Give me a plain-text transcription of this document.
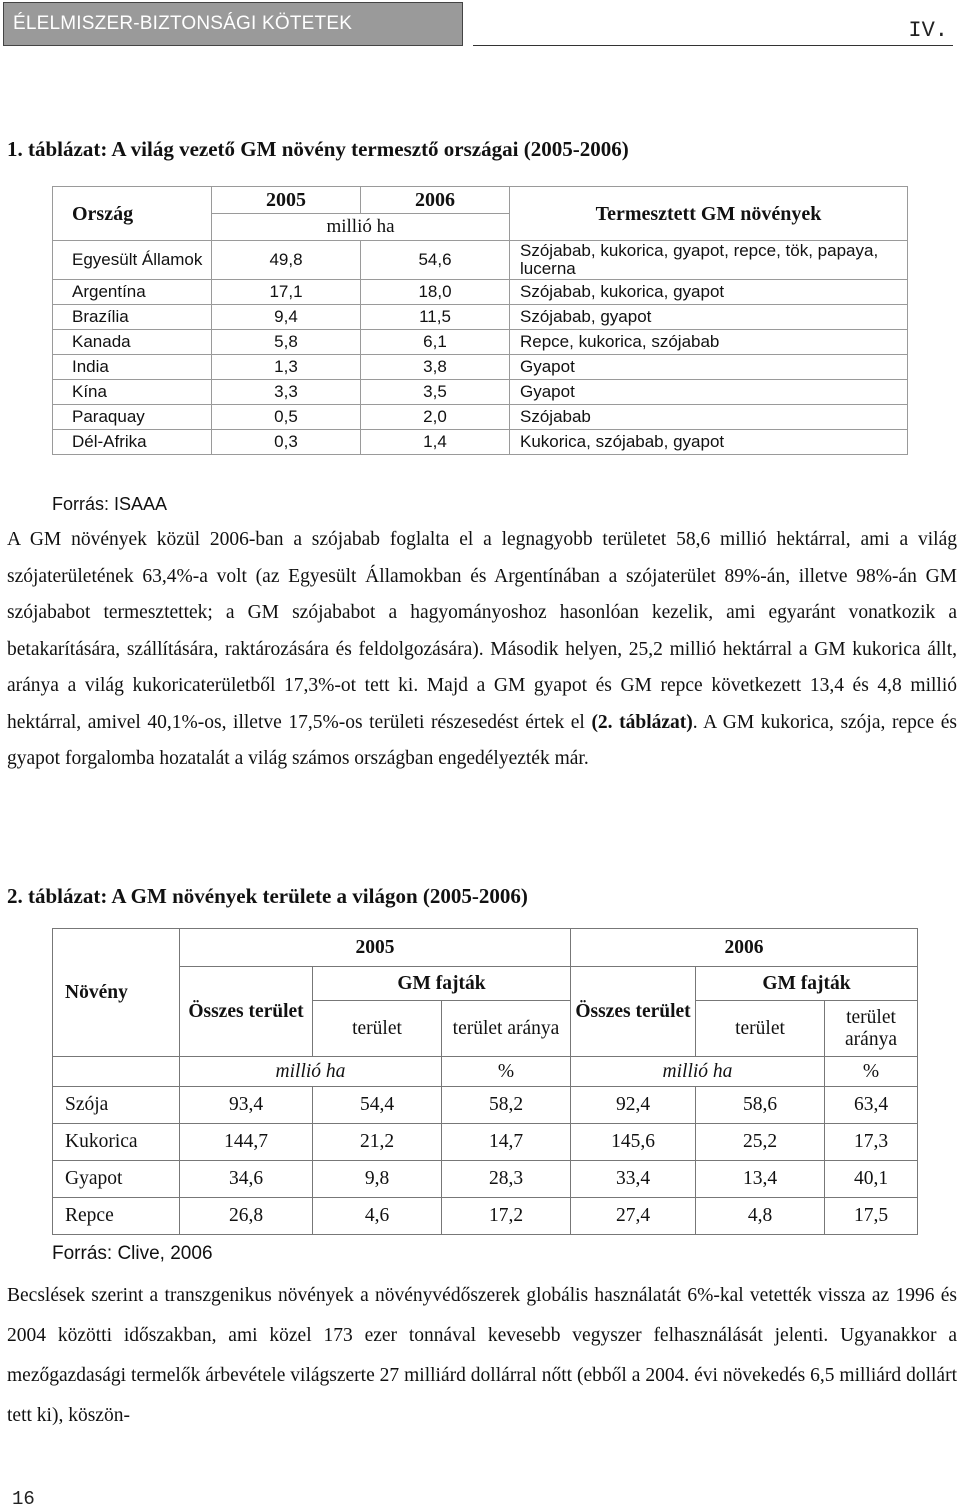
ÉLELMISZER-BIZTONSÁGI KÖTETEK	IV.
1. táblázat: A világ vezető GM növény termesztő országai (2005-2006)
Ország	2005	2006	Termesztett GM növények
	millió ha		
Egyesült Államok	49,8	54,6	Szójabab, kukorica, gyapot, repce, tök, papaya, lucerna
Argentína	17,1	18,0	Szójabab, kukorica, gyapot
Brazília	9,4	11,5	Szójabab, gyapot
Kanada	5,8	6,1	Repce, kukorica, szójabab
India	1,3	3,8	Gyapot
Kína	3,3	3,5	Gyapot
Paraquay	0,5	2,0	Szójabab
Dél-Afrika	0,3	1,4	Kukorica, szójabab, gyapot
Forrás: ISAAA
A GM növények közül 2006-ban a szójabab foglalta el a legnagyobb területet 58,6 millió hektárral, ami a világ szójaterületének 63,4%-a volt (az Egyesült Államokban és Argentínában a szójaterület 89%-án, illetve 98%-án GM szójababot termesztettek; a GM szójababot a hagyományoshoz hasonlóan kezelik, ami egyaránt vonatkozik a betakarítására, szállítására, raktározására és feldolgozására). Második helyen, 25,2 millió hektárral a GM kukorica állt, aránya a világ kukoricaterületből 17,3%-ot tett ki. Majd a GM gyapot és GM repce következett 13,4 és 4,8 millió hektárral, amivel 40,1%-os, illetve 17,5%-os területi részesedést értek el (2. táblázat). A GM kukorica, szója, repce és gyapot forgalomba hozatalát a világ számos országban engedélyezték már.
2. táblázat: A GM növények területe a világon (2005-2006)
Növény	2005			2006		
	Összes terület	GM fajták		Összes terület	GM fajták	
		terület	terület aránya		terület	terület aránya
	millió ha		%	millió ha		%
Szója	93,4	54,4	58,2	92,4	58,6	63,4
Kukorica	144,7	21,2	14,7	145,6	25,2	17,3
Gyapot	34,6	9,8	28,3	33,4	13,4	40,1
Repce	26,8	4,6	17,2	27,4	4,8	17,5
Forrás: Clive, 2006
Becslések szerint a transzgenikus növények a növényvédőszerek globális használatát 6%-kal vetették vissza az 1996 és 2004 közötti időszakban, ami közel 173 ezer tonnával kevesebb vegyszer felhasználását jelenti. Ugyanakkor a mezőgazdasági termelők árbevétele világszerte 27 milliárd dollárral nőtt (ebből a 2004. évi növekedés 6,5 milliárd dollárt tett ki), köszön-
16
